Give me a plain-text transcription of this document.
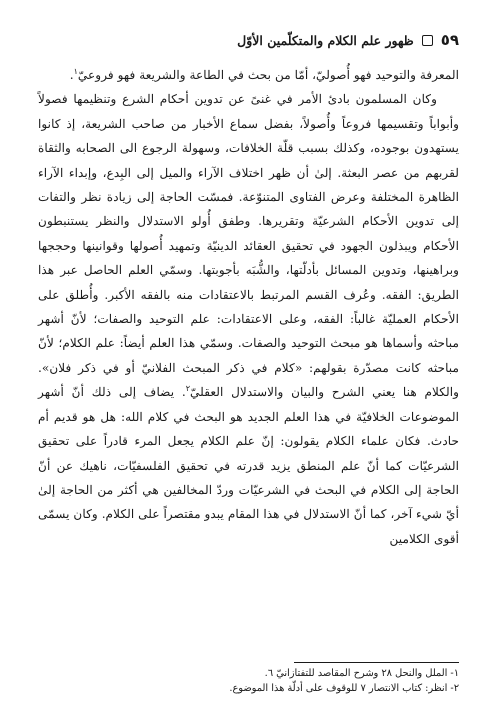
٥٩
ظهور علم الكلام والمتكلّمين الأوّل

المعرفة والتوحيد فهو أُصوليّ، أمّا من بحث في الطاعة والشريعة فهو فروعيّ$^١$.

وكان المسلمون بادئ الأمر في غنىً عن تدوين أحكام الشرع وتنظيمها فصولاً وأبواباً وتقسيمها فروعاً وأُصولاً، بفضل سماع الأخبار من صاحب الشريعة، إذ كانوا يستهدون بوجوده، وكذلك بسبب قلّة الخلافات، وسهولة الرجوع الى الصحابه والثقاة لقربهم من عصر البعثة. إلىٰ أن ظهر اختلاف الآراء والميل إلى البِدع، وإبداء الآراء الظاهرة المختلفة وعرض الفتاوى المتنوّعة. فمسّت الحاجة إلى زيادة نظر والتفات إلى تدوين الأحكام الشرعيّة وتقريرها. وطفق أُولو الاستدلال والنظر يستنبطون الأحكام ويبذلون الجهود في تحقيق العقائد الدينيّة وتمهيد أُصولها وقوانينها وحججها وبراهينها، وتدوين المسائل بأدلّتها، والشُّبَه بأجوبتها. وسمّي العلم الحاصل عبر هذا الطريق: الفقه. وعُرف القسم المرتبط بالاعتقادات منه بالفقه الأكبر. وأُطلق على الأحكام العمليّة غالباً: الفقه، وعلى الاعتقادات: علم التوحيد والصفات؛ لأنّ أشهر مباحثه وأسماها هو مبحث التوحيد والصفات. وسمّي هذا العلم أيضاً: علم الكلام؛ لأنّ مباحثه كانت مصدّرة بقولهم: «كلام في ذكر المبحث الفلانيّ أو في ذكر فلان». والكلام هنا يعني الشرح والبيان والاستدلال العقليّ$^٢$. يضاف إلى ذلك أنّ أشهر الموضوعات الخلافيّة في هذا العلم الجديد هو البحث في كلام الله: هل هو قديم أم حادث. فكان علماء الكلام يقولون: إنّ علم الكلام يجعل المرء قادراً على تحقيق الشرعيّات كما أنّ علم المنطق يزيد قدرته في تحقيق الفلسفيّات، ناهيك عن أنّ الحاجة إلى الكلام في البحث في الشرعيّات وردّ المخالفين هي أكثر من الحاجة إلىٰ أيّ شيء آخر، كما أنّ الاستدلال في هذا المقام يبدو مقتصراً على الكلام. وكان يسمّى أقوى الكلامين

١- الملل والنحل ٢٨ وشرح المقاصد للتفتازانيّ ٦.
٢- انظر: كتاب الانتصار ٧ للوقوف على أدلّة هذا الموضوع.
